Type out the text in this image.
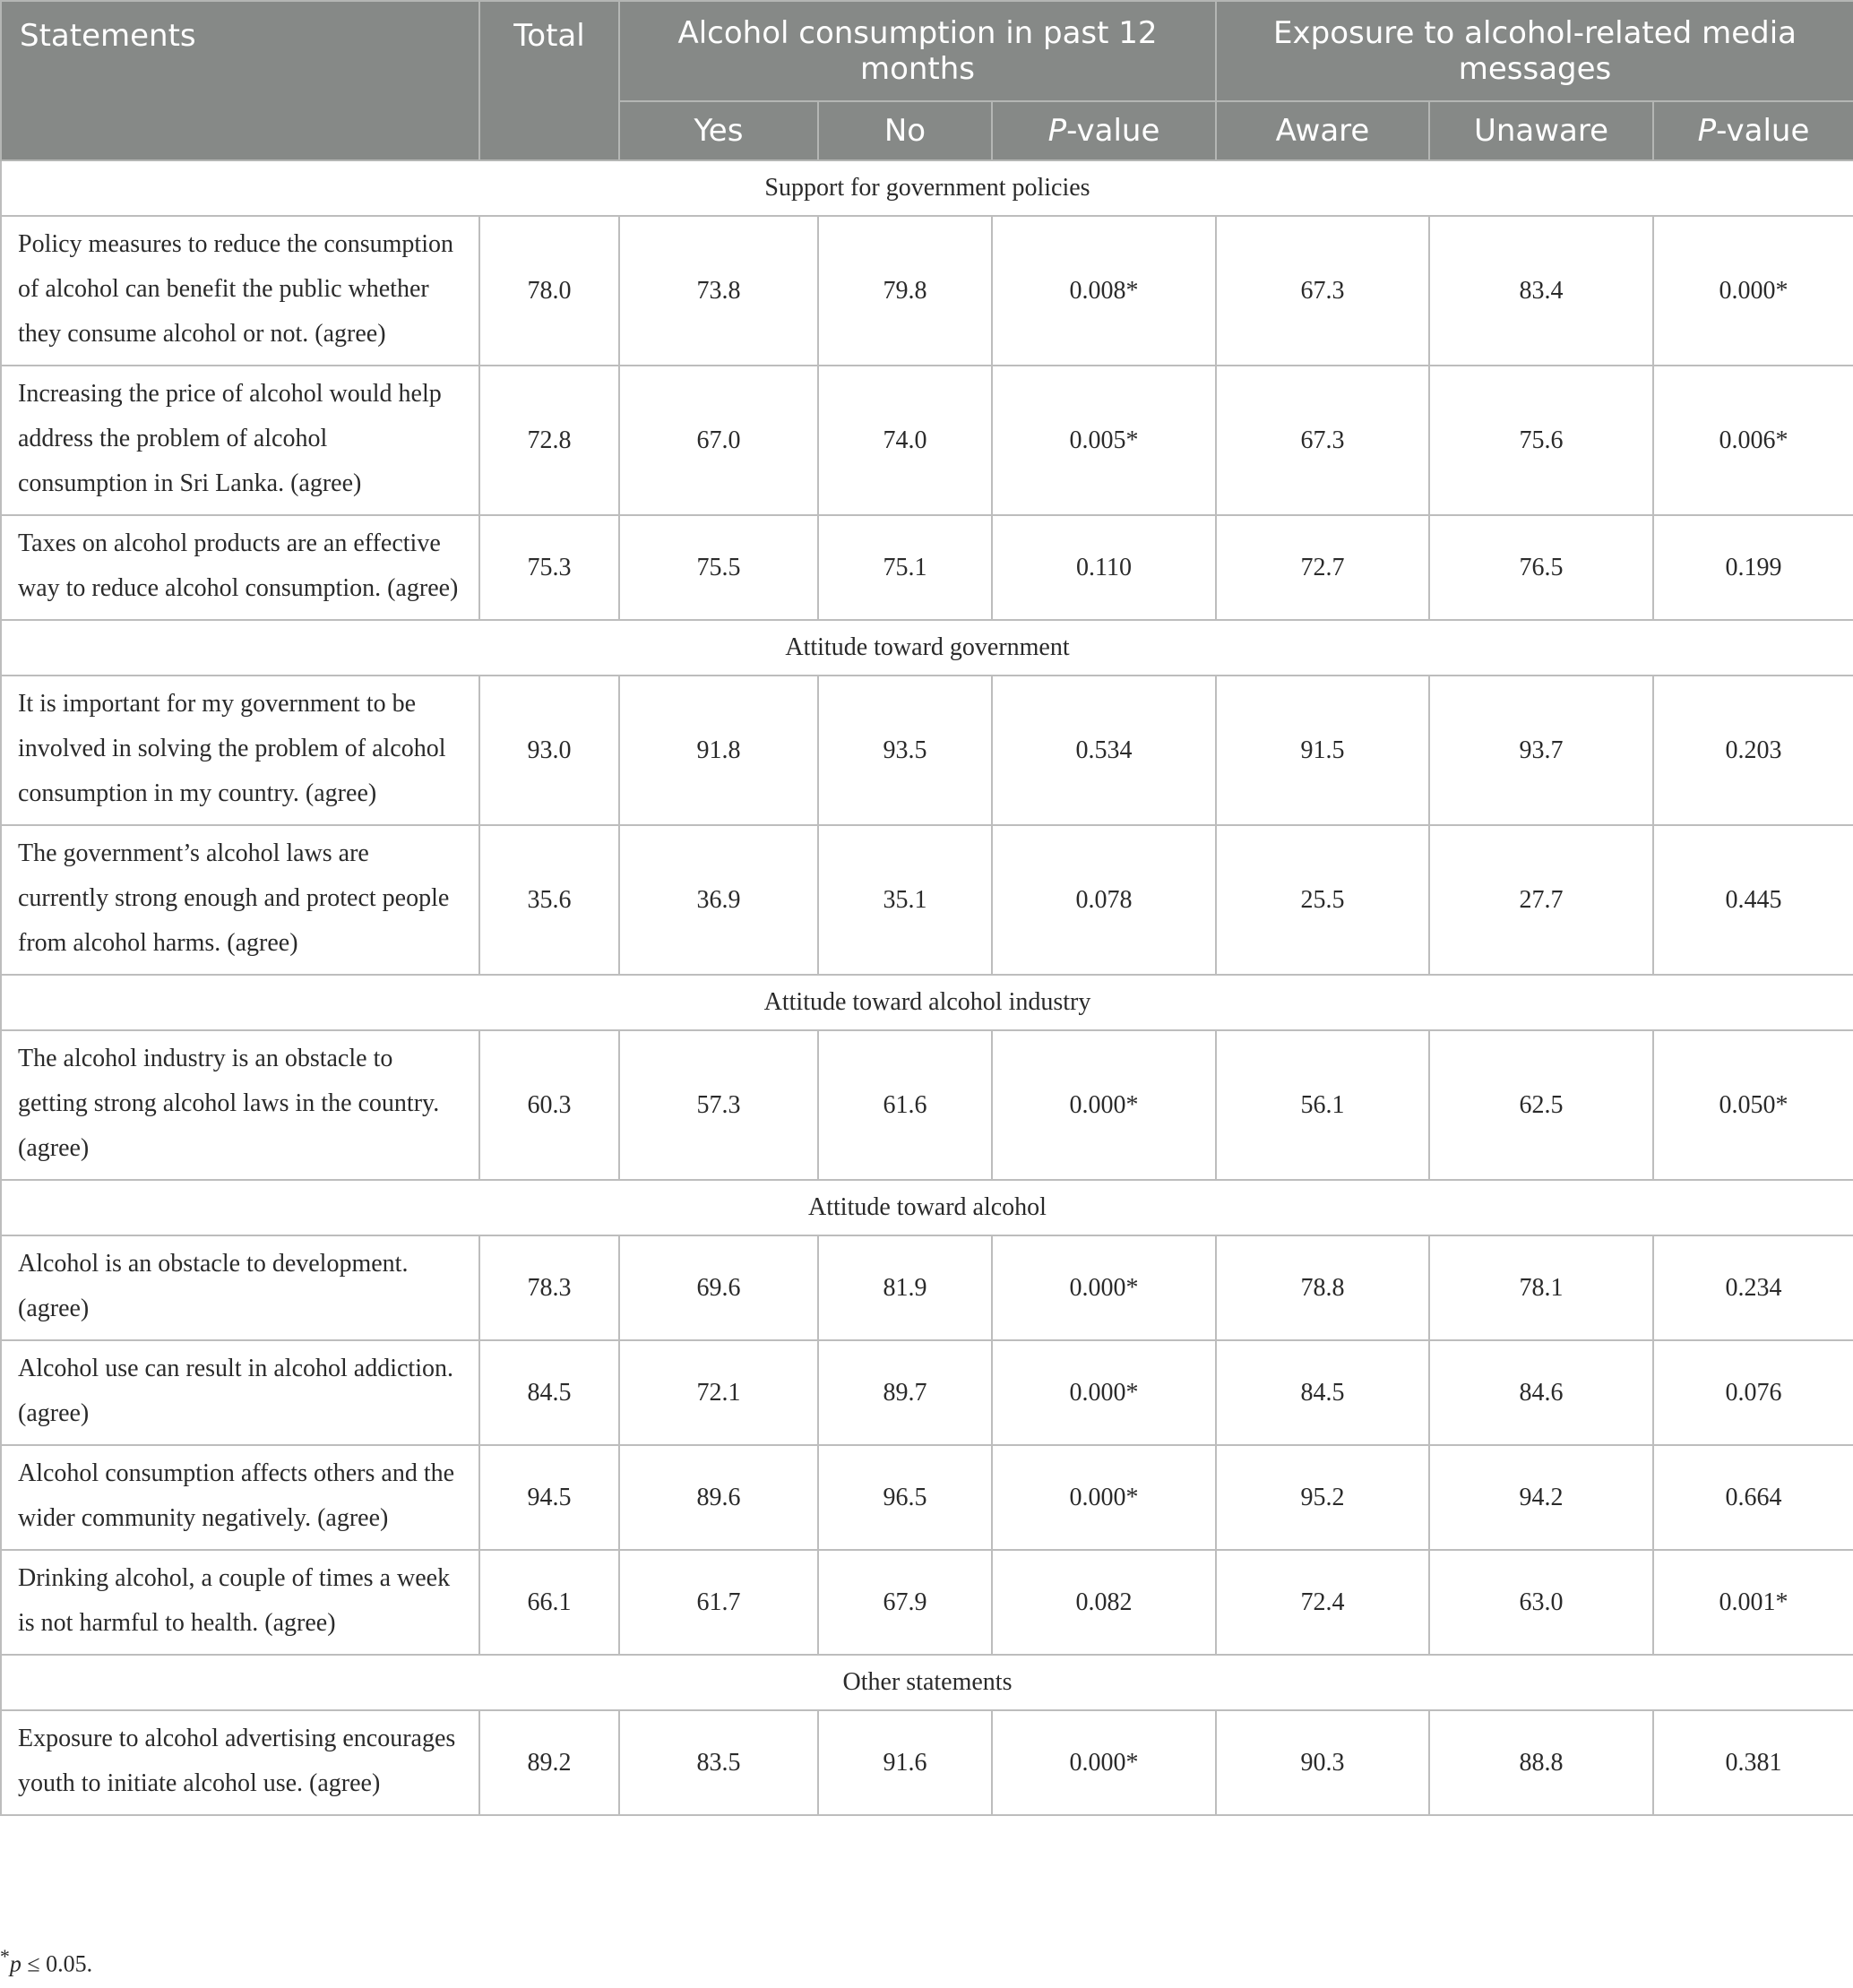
Statements	Total	Alcohol consumption in past 12 months			Exposure to alcohol-related media messages		
		Yes	No	P-value	Aware	Unaware	P-value
Support for government policies							
Policy measures to reduce the consumption of alcohol can benefit the public whether they consume alcohol or not. (agree)	78.0	73.8	79.8	0.008*	67.3	83.4	0.000*
Increasing the price of alcohol would help address the problem of alcohol consumption in Sri Lanka. (agree)	72.8	67.0	74.0	0.005*	67.3	75.6	0.006*
Taxes on alcohol products are an effective way to reduce alcohol consumption. (agree)	75.3	75.5	75.1	0.110	72.7	76.5	0.199
Attitude toward government							
It is important for my government to be involved in solving the problem of alcohol consumption in my country. (agree)	93.0	91.8	93.5	0.534	91.5	93.7	0.203
The government’s alcohol laws are currently strong enough and protect people from alcohol harms. (agree)	35.6	36.9	35.1	0.078	25.5	27.7	0.445
Attitude toward alcohol industry							
The alcohol industry is an obstacle to getting strong alcohol laws in the country. (agree)	60.3	57.3	61.6	0.000*	56.1	62.5	0.050*
Attitude toward alcohol							
Alcohol is an obstacle to development. (agree)	78.3	69.6	81.9	0.000*	78.8	78.1	0.234
Alcohol use can result in alcohol addiction. (agree)	84.5	72.1	89.7	0.000*	84.5	84.6	0.076
Alcohol consumption affects others and the wider community negatively. (agree)	94.5	89.6	96.5	0.000*	95.2	94.2	0.664
Drinking alcohol, a couple of times a week is not harmful to health. (agree)	66.1	61.7	67.9	0.082	72.4	63.0	0.001*
Other statements							
Exposure to alcohol advertising encourages youth to initiate alcohol use. (agree)	89.2	83.5	91.6	0.000*	90.3	88.8	0.381
*p ≤ 0.05.
